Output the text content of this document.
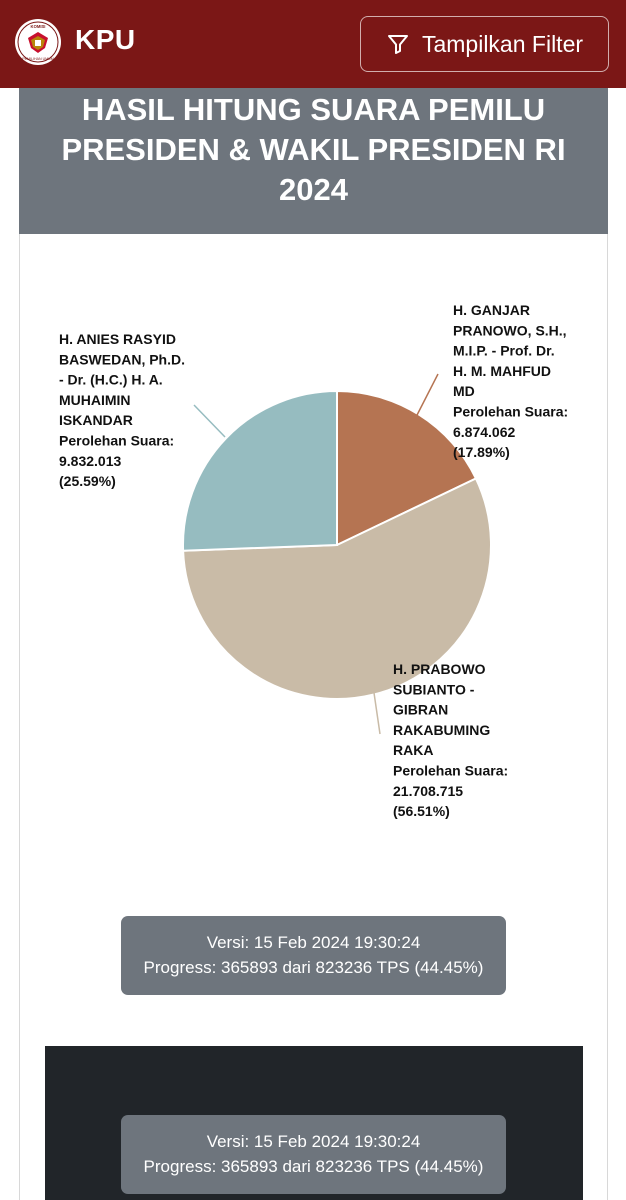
KOMISI
PEMILIHAN UMUM
KPU	Tampilkan Filter
HASIL HITUNG SUARA PEMILU
PRESIDEN & WAKIL PRESIDEN RI
2024
H. GANJAR PRANOWO, S.H., M.I.P. - Prof. Dr. H. M. MAHFUD MD Perolehan Suara: 6.874.062 (17.89%)
H. PRABOWO SUBIANTO -GIBRAN RAKABUMING RAKA Perolehan Suara: 21.708.715 (56.51%)
H. ANIES RASYID BASWEDAN, Ph.D. - Dr. (H.C.) H. A. MUHAIMIN ISKANDAR Perolehan Suara: 9.832.013 (25.59%)
Versi: 15 Feb 2024 19:30:24
Progress: 365893 dari 823236 TPS (44.45%)
Versi: 15 Feb 2024 19:30:24
Progress: 365893 dari 823236 TPS (44.45%)
